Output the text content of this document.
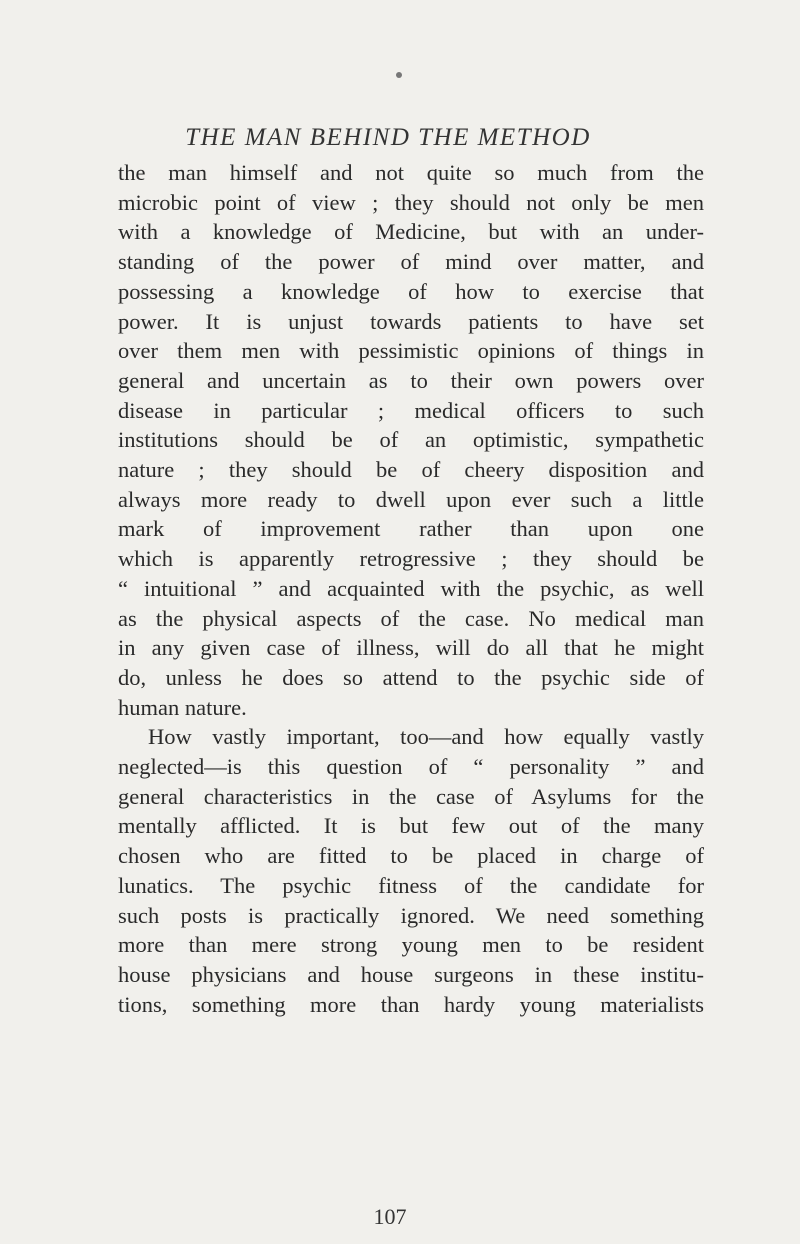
THE MAN BEHIND THE METHOD
the man himself and not quite so much from the
microbic point of view ; they should not only be men
with a knowledge of Medicine, but with an under-
standing of the power of mind over matter, and
possessing a knowledge of how to exercise that
power. It is unjust towards patients to have set
over them men with pessimistic opinions of things in
general and uncertain as to their own powers over
disease in particular ; medical officers to such
institutions should be of an optimistic, sympathetic
nature ; they should be of cheery disposition and
always more ready to dwell upon ever such a little
mark of improvement rather than upon one
which is apparently retrogressive ; they should be
“ intuitional ” and acquainted with the psychic, as well
as the physical aspects of the case. No medical man
in any given case of illness, will do all that he might
do, unless he does so attend to the psychic side of
human nature.
How vastly important, too—and how equally vastly
neglected—is this question of “ personality ” and
general characteristics in the case of Asylums for the
mentally afflicted. It is but few out of the many
chosen who are fitted to be placed in charge of
lunatics. The psychic fitness of the candidate for
such posts is practically ignored. We need something
more than mere strong young men to be resident
house physicians and house surgeons in these institu-
tions, something more than hardy young materialists
107
